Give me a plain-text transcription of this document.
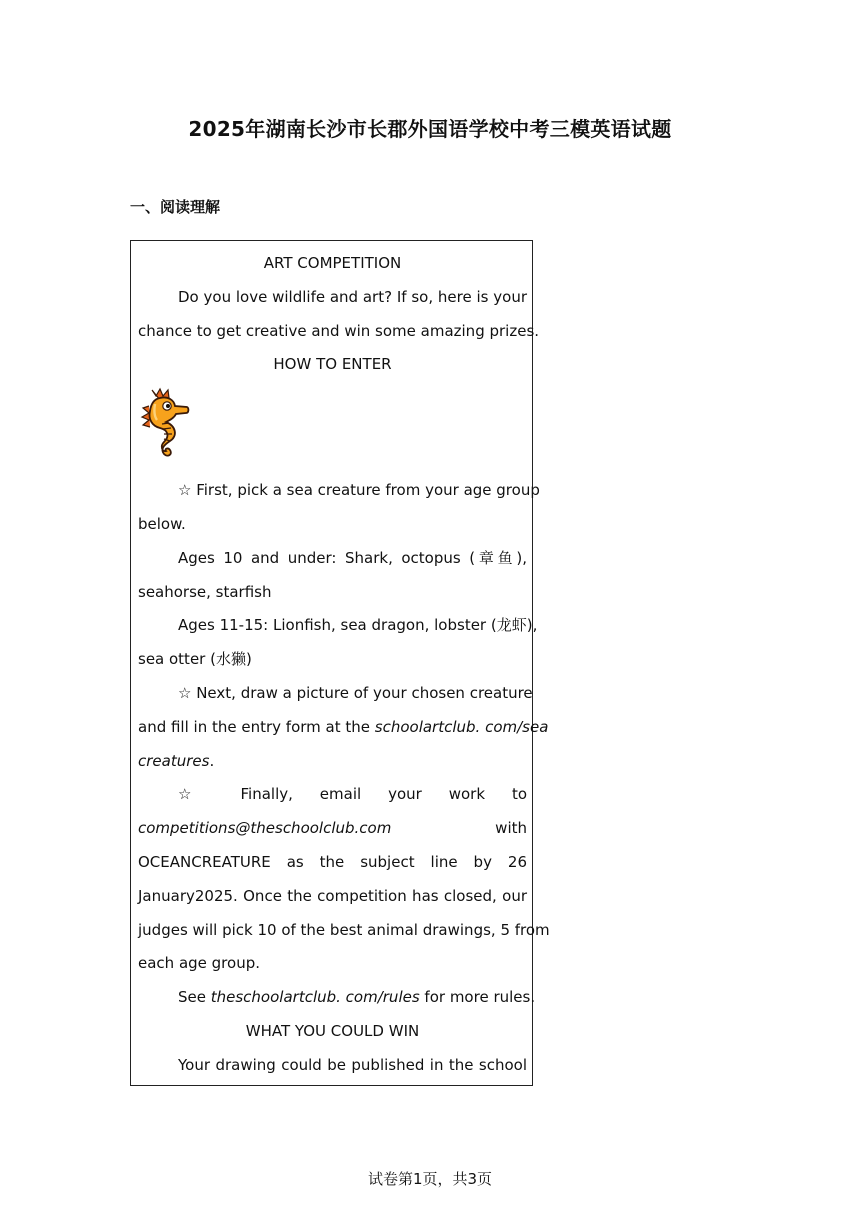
2025年湖南长沙市长郡外国语学校中考三模英语试题
一、阅读理解
ART COMPETITION
Do you love wildlife and art? If so, here is your
chance to get creative and win some amazing prizes.
HOW TO ENTER
☆ First, pick a sea creature from your age group
below.
Ages 10 and under: Shark, octopus (章鱼),
seahorse, starfish
Ages 11-15: Lionfish, sea dragon, lobster (龙虾),
sea otter (水獭)
☆ Next, draw a picture of your chosen creature
and fill in the entry form at the schoolartclub. com/sea
creatures.
☆ Finally, email your work to
competitions@theschoolclub.com	with
OCEANCREATURE as the subject line by 26
January2025. Once the competition has closed, our
judges will pick 10 of the best animal drawings, 5 from
each age group.
See theschoolartclub. com/rules for more rules.
WHAT YOU COULD WIN
Your drawing could be published in the school
试卷第1页，共3页
